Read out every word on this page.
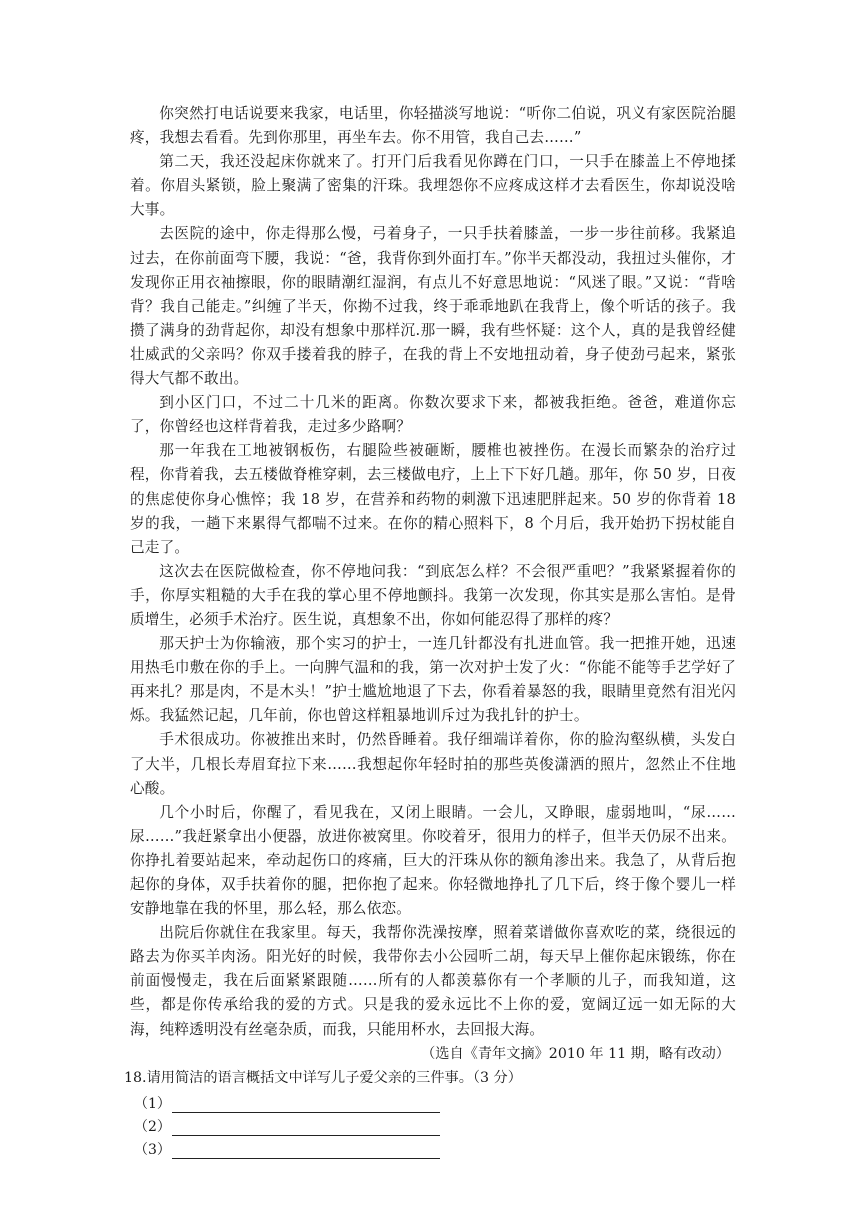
你突然打电话说要来我家，电话里，你轻描淡写地说：“听你二伯说，巩义有家医院治腿疼，我想去看看。先到你那里，再坐车去。你不用管，我自己去……”

第二天，我还没起床你就来了。打开门后我看见你蹲在门口，一只手在膝盖上不停地揉着。你眉头紧锁，脸上聚满了密集的汗珠。我埋怨你不应疼成这样才去看医生，你却说没啥大事。

去医院的途中，你走得那么慢，弓着身子，一只手扶着膝盖，一步一步往前移。我紧追过去，在你前面弯下腰，我说：“爸，我背你到外面打车。”你半天都没动，我扭过头催你，才发现你正用衣袖擦眼，你的眼睛潮红湿润，有点儿不好意思地说：“风迷了眼。”又说：“背啥背？我自己能走。”纠缠了半天，你拗不过我，终于乖乖地趴在我背上，像个听话的孩子。我攒了满身的劲背起你，却没有想象中那样沉.那一瞬，我有些怀疑：这个人，真的是我曾经健壮威武的父亲吗？你双手搂着我的脖子，在我的背上不安地扭动着，身子使劲弓起来，紧张得大气都不敢出。

到小区门口，不过二十几米的距离。你数次要求下来，都被我拒绝。爸爸，难道你忘了，你曾经也这样背着我，走过多少路啊？

那一年我在工地被钢板伤，右腿险些被砸断，腰椎也被挫伤。在漫长而繁杂的治疗过程，你背着我，去五楼做脊椎穿刺，去三楼做电疗，上上下下好几趟。那年，你 50 岁，日夜的焦虑使你身心憔悴；我 18 岁，在营养和药物的刺激下迅速肥胖起来。50 岁的你背着 18 岁的我，一趟下来累得气都喘不过来。在你的精心照料下，8 个月后，我开始扔下拐杖能自己走了。

这次去在医院做检查，你不停地问我：“到底怎么样？不会很严重吧？”我紧紧握着你的手，你厚实粗糙的大手在我的掌心里不停地颤抖。我第一次发现，你其实是那么害怕。是骨质增生，必须手术治疗。医生说，真想象不出，你如何能忍得了那样的疼？

那天护士为你输液，那个实习的护士，一连几针都没有扎进血管。我一把推开她，迅速用热毛巾敷在你的手上。一向脾气温和的我，第一次对护士发了火：“你能不能等手艺学好了再来扎？那是肉，不是木头！”护士尴尬地退了下去，你看着暴怒的我，眼睛里竟然有泪光闪烁。我猛然记起，几年前，你也曾这样粗暴地训斥过为我扎针的护士。

手术很成功。你被推出来时，仍然昏睡着。我仔细端详着你，你的脸沟壑纵横，头发白了大半，几根长寿眉耷拉下来……我想起你年轻时拍的那些英俊潇洒的照片，忽然止不住地心酸。

几个小时后，你醒了，看见我在，又闭上眼睛。一会儿，又睁眼，虚弱地叫，“尿……尿……”我赶紧拿出小便器，放进你被窝里。你咬着牙，很用力的样子，但半天仍尿不出来。你挣扎着要站起来，牵动起伤口的疼痛，巨大的汗珠从你的额角渗出来。我急了，从背后抱起你的身体，双手扶着你的腿，把你抱了起来。你轻微地挣扎了几下后，终于像个婴儿一样安静地靠在我的怀里，那么轻，那么依恋。

出院后你就住在我家里。每天，我帮你洗澡按摩，照着菜谱做你喜欢吃的菜，绕很远的路去为你买羊肉汤。阳光好的时候，我带你去小公园听二胡，每天早上催你起床锻练，你在前面慢慢走，我在后面紧紧跟随……所有的人都羡慕你有一个孝顺的儿子，而我知道，这些，都是你传承给我的爱的方式。只是我的爱永远比不上你的爱，宽阔辽远一如无际的大海，纯粹透明没有丝毫杂质，而我，只能用杯水，去回报大海。

（选自《青年文摘》2010 年 11 期，略有改动）

18.请用简洁的语言概括文中详写儿子爱父亲的三件事。（3 分）

（1）
（2）
（3）
